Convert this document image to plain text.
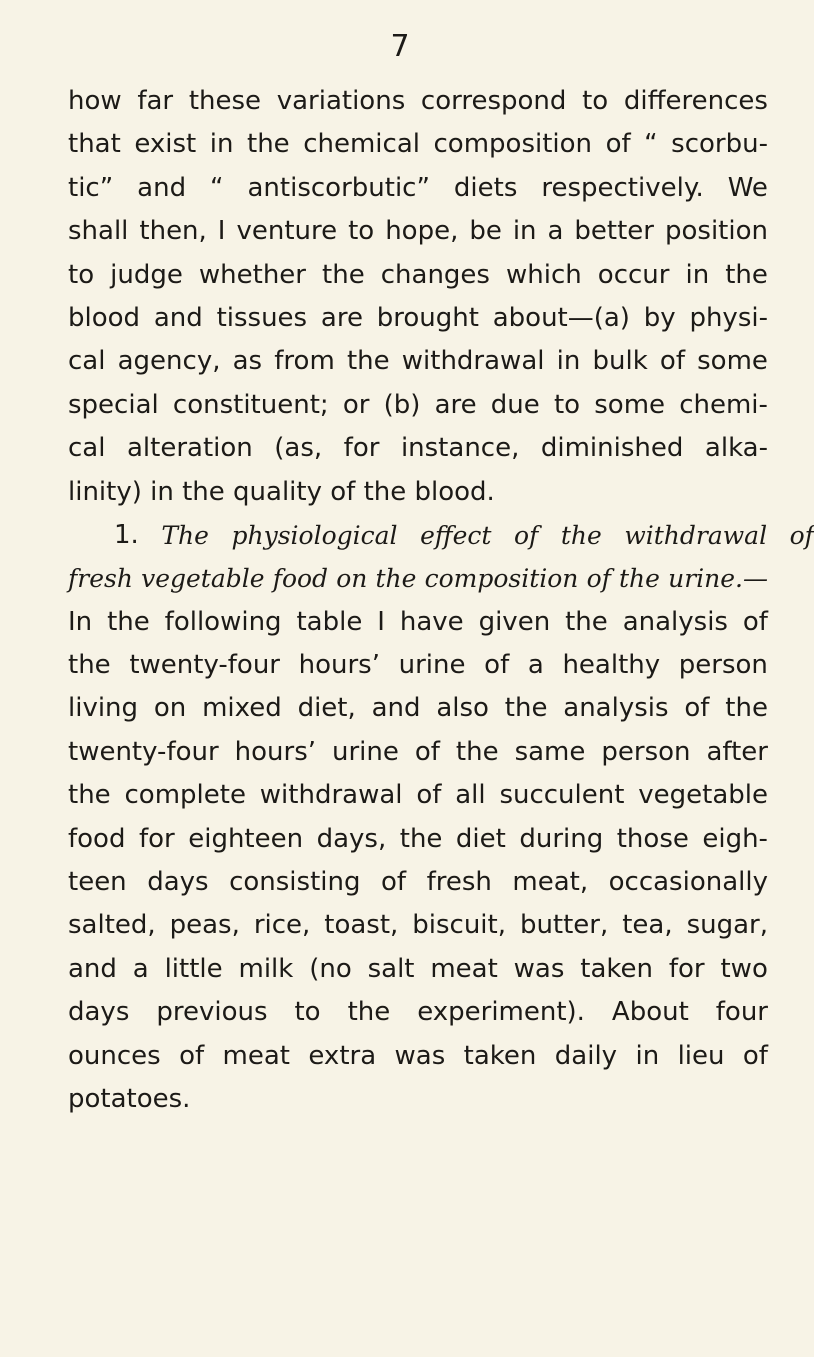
7
how far these variations correspond to differences
that exist in the chemical composition of “ scorbu-
tic” and “ antiscorbutic” diets respectively. We
shall then, I venture to hope, be in a better position
to judge whether the changes which occur in the
blood and tissues are brought about—(a) by physi-
cal agency, as from the withdrawal in bulk of some
special constituent; or (b) are due to some chemi-
cal alteration (as, for instance, diminished alka-
linity) in the quality of the blood.
1. The physiological effect of the withdrawal of
fresh vegetable food on the composition of the urine.—
In the following table I have given the analysis of
the twenty-four hours’ urine of a healthy person
living on mixed diet, and also the analysis of the
twenty-four hours’ urine of the same person after
the complete withdrawal of all succulent vegetable
food for eighteen days, the diet during those eigh-
teen days consisting of fresh meat, occasionally
salted, peas, rice, toast, biscuit, butter, tea, sugar,
and a little milk (no salt meat was taken for two
days previous to the experiment). About four
ounces of meat extra was taken daily in lieu of
potatoes.
